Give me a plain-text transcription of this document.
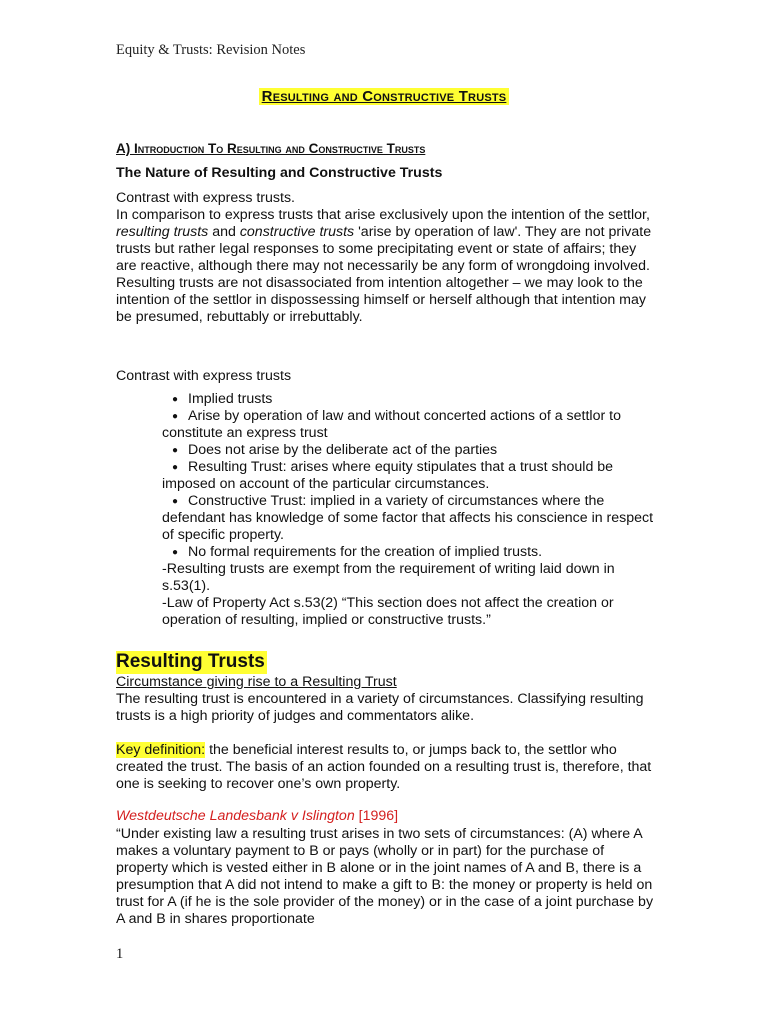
Equity & Trusts: Revision Notes
Resulting and Constructive Trusts
A) Introduction To Resulting and Constructive Trusts
The Nature of Resulting and Constructive Trusts
Contrast with express trusts.
In comparison to express trusts that arise exclusively upon the intention of the settlor, resulting trusts and constructive trusts 'arise by operation of law'. They are not private trusts but rather legal responses to some precipitating event or state of affairs; they are reactive, although there may not necessarily be any form of wrongdoing involved. Resulting trusts are not disassociated from intention altogether – we may look to the intention of the settlor in dispossessing himself or herself although that intention may be presumed, rebuttably or irrebuttably.
Contrast with express trusts
● Implied trusts
● Arise by operation of law and without concerted actions of a settlor to constitute an express trust
● Does not arise by the deliberate act of the parties
● Resulting Trust: arises where equity stipulates that a trust should be imposed on account of the particular circumstances.
● Constructive Trust: implied in a variety of circumstances where the defendant has knowledge of some factor that affects his conscience in respect of specific property.
● No formal requirements for the creation of implied trusts.
-Resulting trusts are exempt from the requirement of writing laid down in s.53(1).
-Law of Property Act s.53(2) “This section does not affect the creation or operation of resulting, implied or constructive trusts.”
Resulting Trusts
Circumstance giving rise to a Resulting Trust
The resulting trust is encountered in a variety of circumstances. Classifying resulting trusts is a high priority of judges and commentators alike.
Key definition: the beneficial interest results to, or jumps back to, the settlor who created the trust. The basis of an action founded on a resulting trust is, therefore, that one is seeking to recover one’s own property.
Westdeutsche Landesbank v Islington [1996]
“Under existing law a resulting trust arises in two sets of circumstances: (A) where A makes a voluntary payment to B or pays (wholly or in part) for the purchase of property which is vested either in B alone or in the joint names of A and B, there is a presumption that A did not intend to make a gift to B: the money or property is held on trust for A (if he is the sole provider of the money) or in the case of a joint purchase by A and B in shares proportionate
1
